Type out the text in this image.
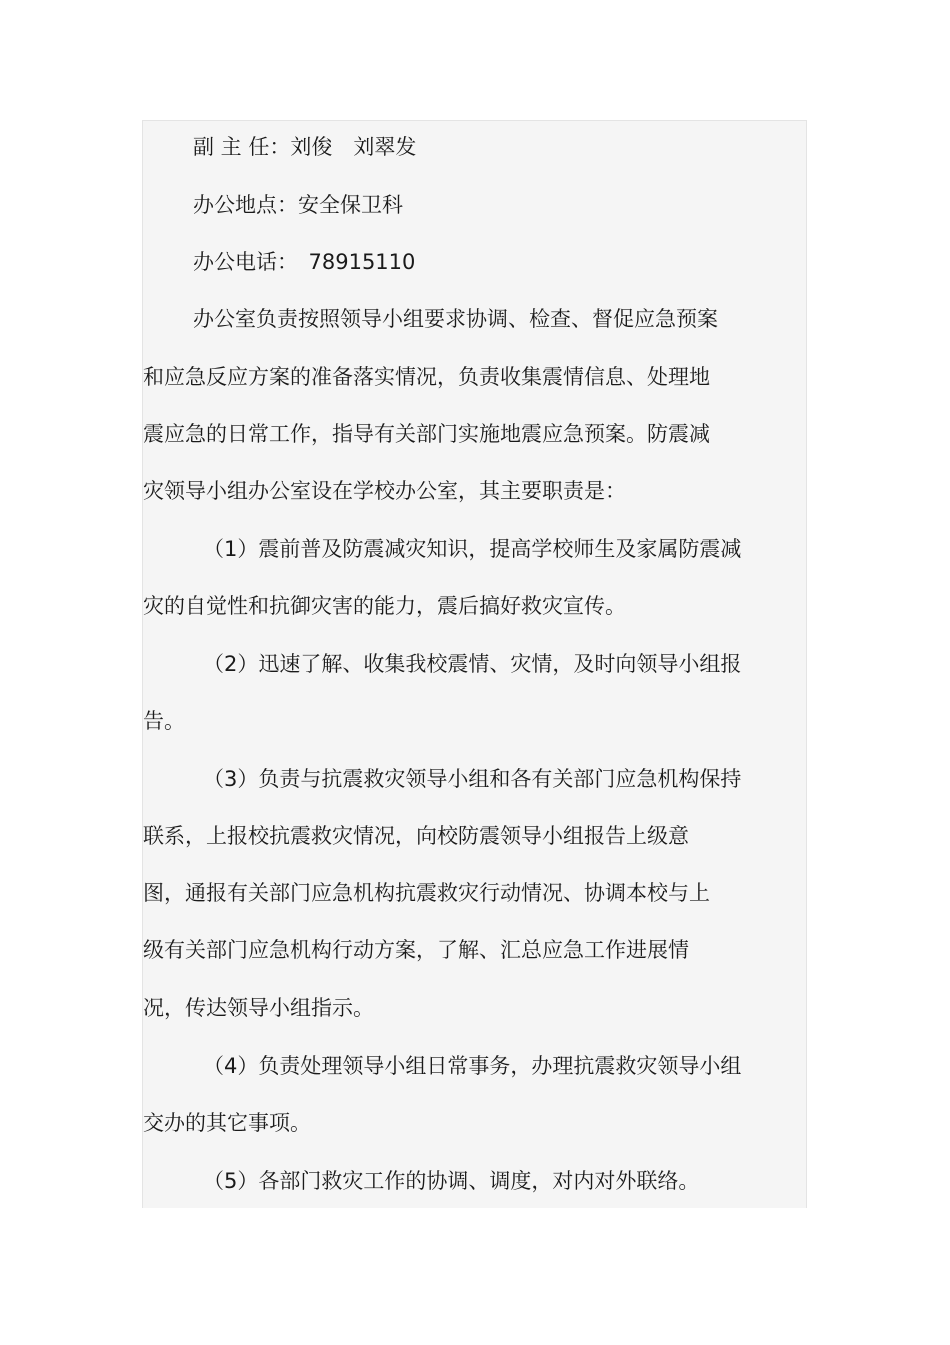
副 主 任：刘俊　刘翠发
办公地点：安全保卫科
办公电话：　78915110
办公室负责按照领导小组要求协调、检查、督促应急预案
和应急反应方案的准备落实情况，负责收集震情信息、处理地
震应急的日常工作，指导有关部门实施地震应急预案。防震减
灾领导小组办公室设在学校办公室，其主要职责是：
（1）震前普及防震减灾知识，提高学校师生及家属防震减
灾的自觉性和抗御灾害的能力，震后搞好救灾宣传。
（2）迅速了解、收集我校震情、灾情，及时向领导小组报
告。
（3）负责与抗震救灾领导小组和各有关部门应急机构保持
联系，上报校抗震救灾情况，向校防震领导小组报告上级意
图，通报有关部门应急机构抗震救灾行动情况、协调本校与上
级有关部门应急机构行动方案，了解、汇总应急工作进展情
况，传达领导小组指示。
（4）负责处理领导小组日常事务，办理抗震救灾领导小组
交办的其它事项。
（5）各部门救灾工作的协调、调度，对内对外联络。
